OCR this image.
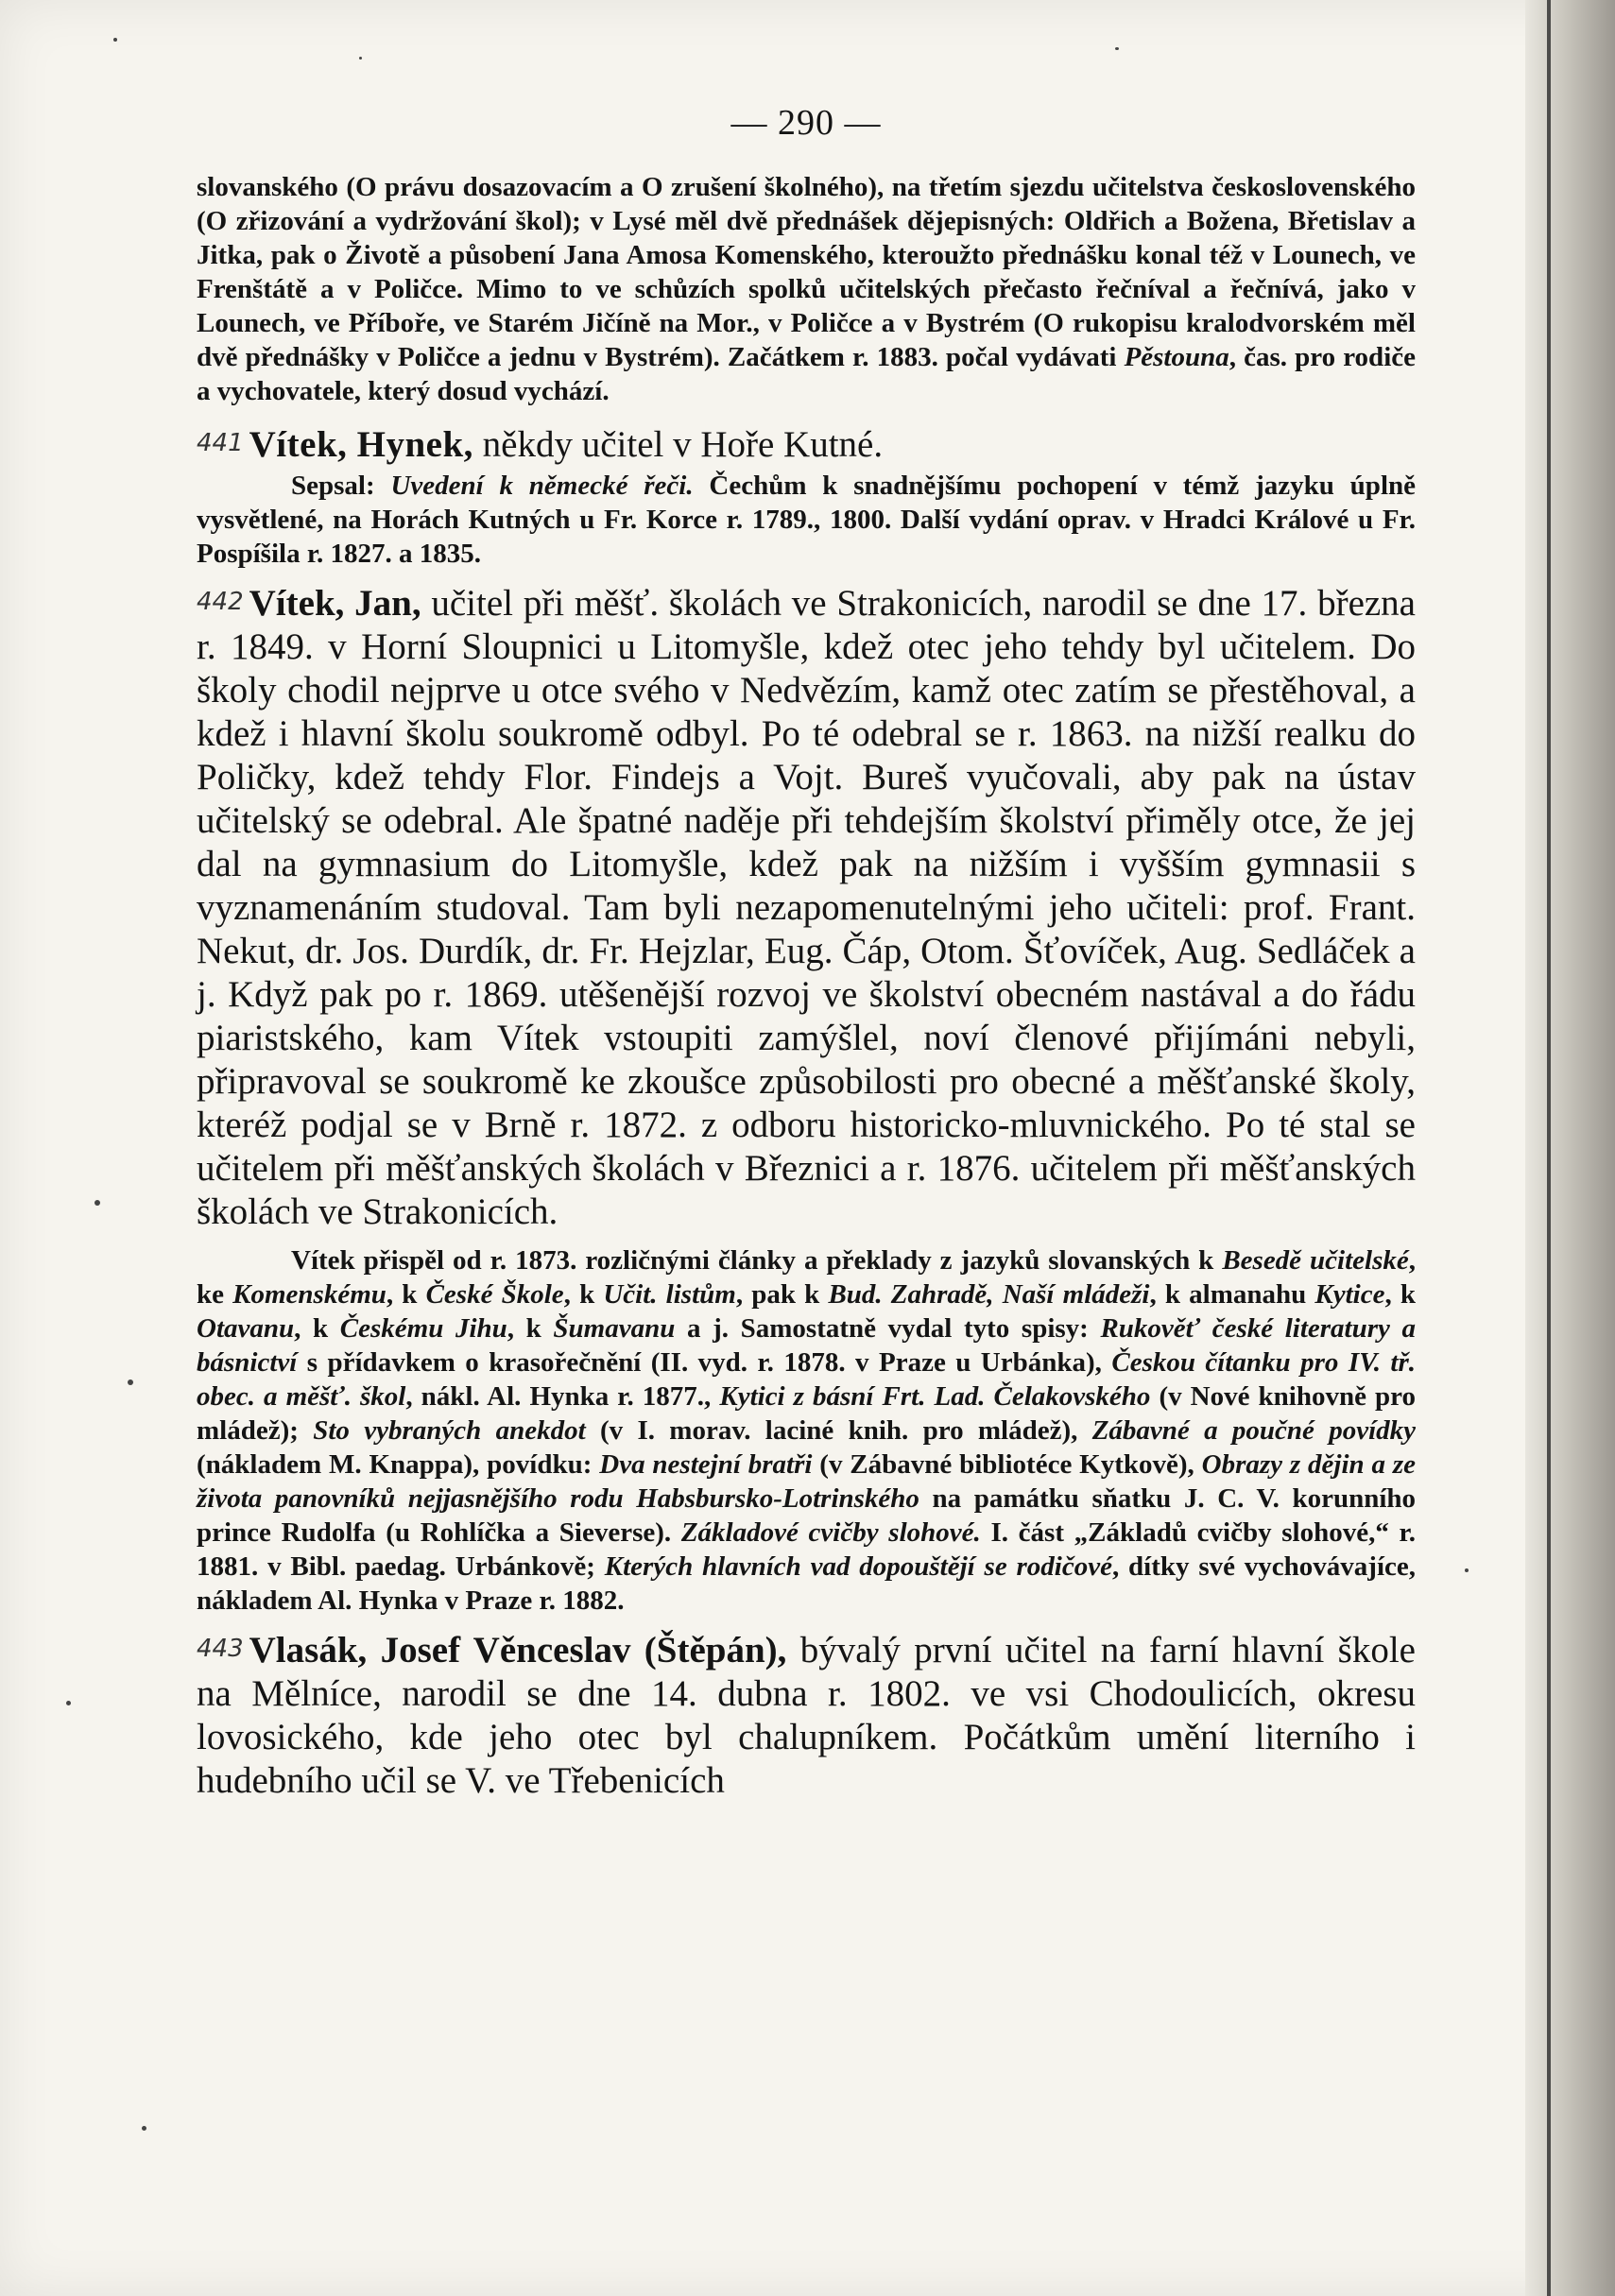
— 290 —

slovanského (O právu dosazovacím a O zrušení školného), na třetím sjezdu učitelstva československého (O zřizování a vydržování škol); v Lysé měl dvě přednášek dějepisných: Oldřich a Božena, Břetislav a Jitka, pak o Životě a působení Jana Amosa Komenského, kteroužto přednášku konal též v Lounech, ve Frenštátě a v Poličce. Mimo to ve schůzích spolků učitelských přečasto řečníval a řečnívá, jako v Lounech, ve Příboře, ve Starém Jičíně na Mor., v Poličce a v Bystrém (O rukopisu kralodvorském měl dvě přednášky v Poličce a jednu v Bystrém). Začátkem r. 1883. počal vydávati Pěstouna, čas. pro rodiče a vychovatele, který dosud vychází.

441 Vítek, Hynek, někdy učitel v Hoře Kutné.

Sepsal: Uvedení k německé řeči. Čechům k snadnějšímu pochopení v témž jazyku úplně vysvětlené, na Horách Kutných u Fr. Korce r. 1789., 1800. Další vydání oprav. v Hradci Králové u Fr. Pospíšila r. 1827. a 1835.

442 Vítek, Jan, učitel při měšť. školách ve Strakonicích, narodil se dne 17. března r. 1849. v Horní Sloupnici u Litomyšle, kdež otec jeho tehdy byl učitelem. Do školy chodil nejprve u otce svého v Nedvězím, kamž otec zatím se přestěhoval, a kdež i hlavní školu soukromě odbyl. Po té odebral se r. 1863. na nižší realku do Poličky, kdež tehdy Flor. Findejs a Vojt. Bureš vyučovali, aby pak na ústav učitelský se odebral. Ale špatné naděje při tehdejším školství přiměly otce, že jej dal na gymnasium do Litomyšle, kdež pak na nižším i vyšším gymnasii s vyznamenáním studoval. Tam byli nezapomenutelnými jeho učiteli: prof. Frant. Nekut, dr. Jos. Durdík, dr. Fr. Hejzlar, Eug. Čáp, Otom. Šťovíček, Aug. Sedláček a j. Když pak po r. 1869. utěšenější rozvoj ve školství obecném nastával a do řádu piaristského, kam Vítek vstoupiti zamýšlel, noví členové přijímáni nebyli, připravoval se soukromě ke zkoušce způsobilosti pro obecné a měšťanské školy, kteréž podjal se v Brně r. 1872. z odboru historicko-mluvnického. Po té stal se učitelem při měšťanských školách v Březnici a r. 1876. učitelem při měšťanských školách ve Strakonicích.

Vítek přispěl od r. 1873. rozličnými články a překlady z jazyků slovanských k Besedě učitelské, ke Komenskému, k České Škole, k Učit. listům, pak k Bud. Zahradě, Naší mládeži, k almanahu Kytice, k Otavanu, k Českému Jihu, k Šumavanu a j. Samostatně vydal tyto spisy: Rukověť české literatury a básnictví s přídavkem o krasořečnění (II. vyd. r. 1878. v Praze u Urbánka), Českou čítanku pro IV. tř. obec. a měšť. škol, nákl. Al. Hynka r. 1877., Kytici z básní Frt. Lad. Čelakovského (v Nové knihovně pro mládež); Sto vybraných anekdot (v I. morav. laciné knih. pro mládež), Zábavné a poučné povídky (nákladem M. Knappa), povídku: Dva nestejní bratři (v Zábavné bibliotéce Kytkově), Obrazy z dějin a ze života panovníků nejjasnějšího rodu Habsbursko-Lotrinského na památku sňatku J. C. V. korunního prince Rudolfa (u Rohlíčka a Sieverse). Základové cvičby slohové. I. část „Základů cvičby slohové,“ r. 1881. v Bibl. paedag. Urbánkově; Kterých hlavních vad dopouštějí se rodičové, dítky své vychovávajíce, nákladem Al. Hynka v Praze r. 1882.

443 Vlasák, Josef Věnceslav (Štěpán), bývalý první učitel na farní hlavní škole na Mělníce, narodil se dne 14. dubna r. 1802. ve vsi Chodoulicích, okresu lovosického, kde jeho otec byl chalupníkem. Počátkům umění literního i hudebního učil se V. ve Třebenicích
